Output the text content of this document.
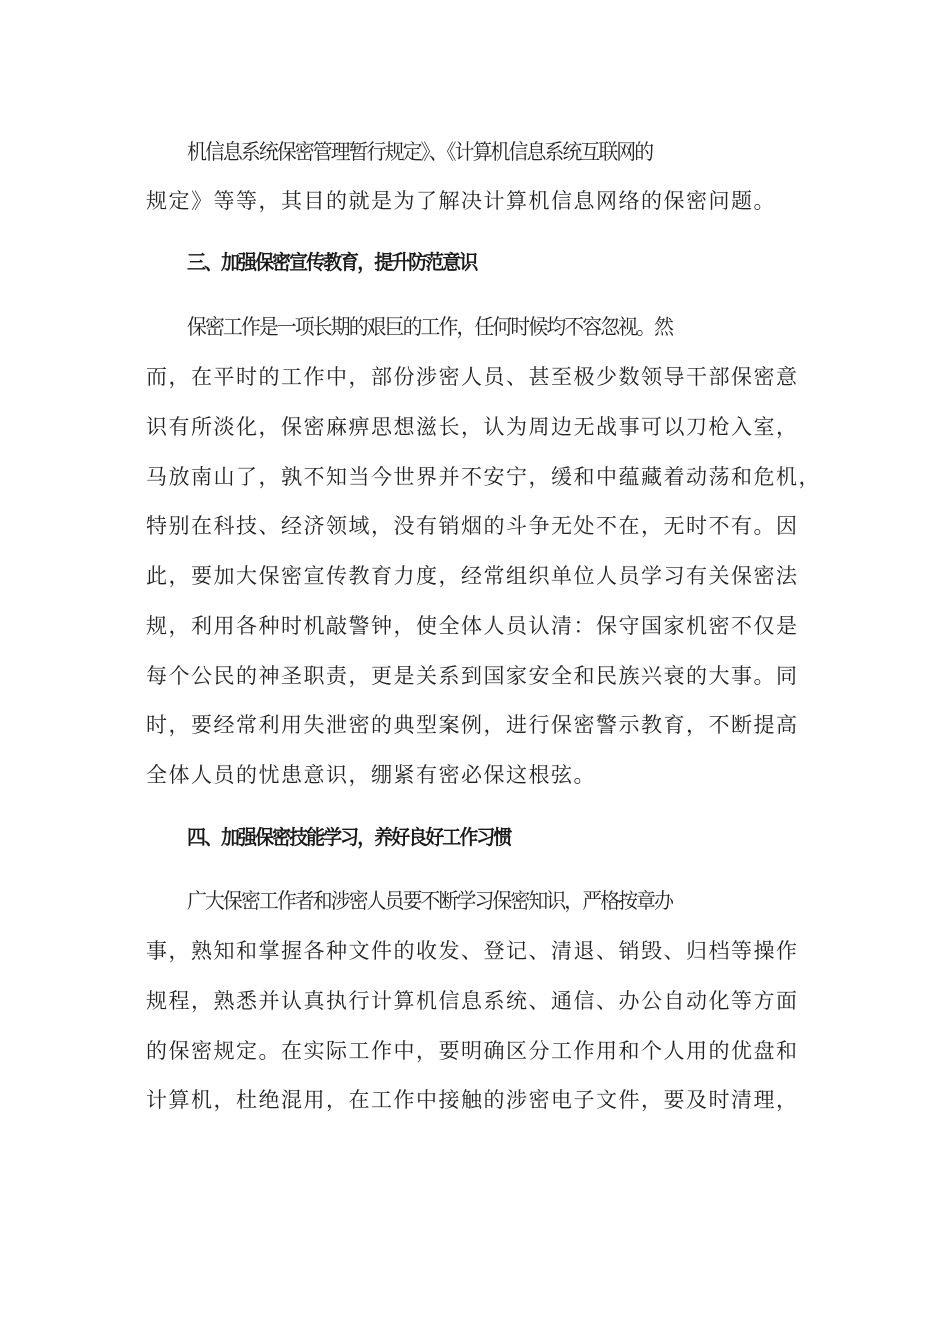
机信息系统保密管理暂行规定》、《计算机信息系统互联网的
规定》等等，其目的就是为了解决计算机信息网络的保密问题。
三、加强保密宣传教育，提升防范意识
保密工作是一项长期的艰巨的工作，任何时候均不容忽视。然
而，在平时的工作中，部份涉密人员、甚至极少数领导干部保密意
识有所淡化，保密麻痹思想滋长，认为周边无战事可以刀枪入室，
马放南山了，孰不知当今世界并不安宁，缓和中蕴藏着动荡和危机，
特别在科技、经济领域，没有销烟的斗争无处不在，无时不有。因
此，要加大保密宣传教育力度，经常组织单位人员学习有关保密法
规，利用各种时机敲警钟，使全体人员认清：保守国家机密不仅是
每个公民的神圣职责，更是关系到国家安全和民族兴衰的大事。同
时，要经常利用失泄密的典型案例，进行保密警示教育，不断提高
全体人员的忧患意识，绷紧有密必保这根弦。
四、加强保密技能学习，养好良好工作习惯
广大保密工作者和涉密人员要不断学习保密知识，严格按章办
事，熟知和掌握各种文件的收发、登记、清退、销毁、归档等操作
规程，熟悉并认真执行计算机信息系统、通信、办公自动化等方面
的保密规定。在实际工作中，要明确区分工作用和个人用的优盘和
计算机，杜绝混用，在工作中接触的涉密电子文件，要及时清理，
